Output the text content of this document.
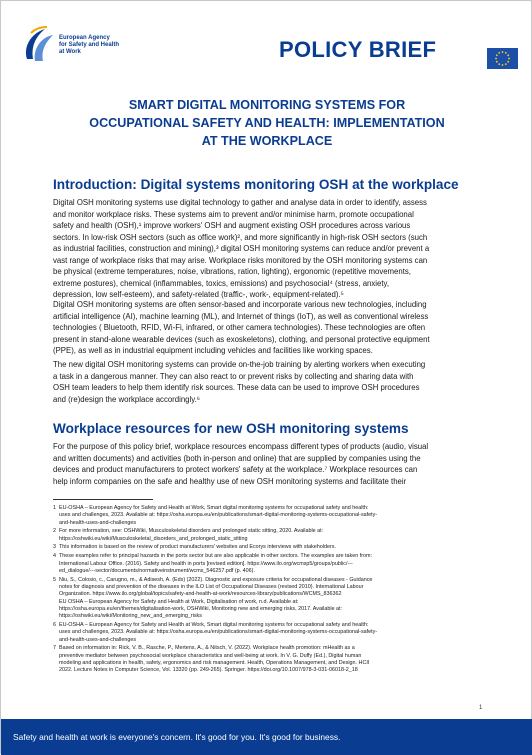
European Agency
for Safety and Health
at Work	POLICY BRIEF
SMART DIGITAL MONITORING SYSTEMS FOR
OCCUPATIONAL SAFETY AND HEALTH: IMPLEMENTATION
AT THE WORKPLACE
Introduction: Digital systems monitoring OSH at the workplace
Digital OSH monitoring systems use digital technology to gather and analyse data in order to identify, assess
and monitor workplace risks. These systems aim to prevent and/or minimise harm, promote occupational
safety and health (OSH),¹ improve workers' OSH and augment existing OSH procedures across various
sectors. In low-risk OSH sectors (such as office work)², and more significantly in high-risk OSH sectors (such
as industrial facilities, construction and mining),³ digital OSH monitoring systems can reduce and/or prevent a
vast range of workplace risks that may arise. Workplace risks monitored by the OSH monitoring systems can
be physical (extreme temperatures, noise, vibrations, ration, lighting), ergonomic (repetitive movements,
extreme postures), chemical (inflammables, toxics, emissions) and psychosocial⁴ (stress, anxiety,
depression, low self-esteem), and safety-related (traffic-, work-, equipment-related).⁵
Digital OSH monitoring systems are often sensor-based and incorporate various new technologies, including
artificial intelligence (AI), machine learning (ML), and Internet of things (IoT), as well as conventional wireless
technologies ( Bluetooth, RFID, Wi-Fi, infrared, or other camera technologies). These technologies are often
present in stand-alone wearable devices (such as exoskeletons), clothing, and personal protective equipment
(PPE), as well as in industrial equipment including vehicles and facilities like working spaces.
The new digital OSH monitoring systems can provide on-the-job training by alerting workers when executing
a task in a dangerous manner. They can also react to or prevent risks by collecting and sharing data with
OSH team leaders to help them identify risk sources. These data can be used to improve OSH procedures
and (re)design the workplace accordingly.⁶
Workplace resources for new OSH monitoring systems
For the purpose of this policy brief, workplace resources encompass different types of products (audio, visual
and written documents) and activities (both in-person and online) that are supplied by companies using the
devices and product manufacturers to protect workers' safety at the workplace.⁷ Workplace resources can
help inform companies on the safe and healthy use of new OSH monitoring systems and facilitate their
1 EU-OSHA – European Agency for Safety and Health at Work, Smart digital monitoring systems for occupational safety and health:
uses and challenges, 2023. Available at: https://osha.europa.eu/en/publications/smart-digital-monitoring-systems-occupational-safety-
and-health-uses-and-challenges
2 For more information, see: OSHWiki, Musculoskeletal disorders and prolonged static sitting, 2020. Available at:
https://oshwiki.eu/wiki/Musculoskeletal_disorders_and_prolonged_static_sitting
3 This information is based on the review of product manufacturers' websites and Ecorys interviews with stakeholders.
4 These examples refer to principal hazards in the ports sector but are also applicable in other sectors. The examples are taken from:
International Labour Office. (2016). Safety and health in ports [revised edition]. https://www.ilo.org/wcmsp5/groups/public/---
ed_dialogue/---sector/documents/normativeinstrument/wcms_546257.pdf (p. 406).
5 Niu, S., Colosio, c., Carugno, m., & Adisesh, A. (Eds) (2022). Diagnostic and exposure criteria for occupational diseases - Guidance
notes for diagnosis and prevention of the diseases in the ILO List of Occupational Diseases (revised 2010). International Labour
Organization. https://www.ilo.org/global/topics/safety-and-health-at-work/resources-library/publications/WCMS_836362
EU OSHA – European Agency for Safety and Health at Work, Digitalisation of work, n.d. Available at:
https://osha.europa.eu/en/themes/digitalisation-work, OSHWiki, Monitoring new and emerging risks, 2017. Available at:
https://oshwiki.eu/wiki/Monitoring_new_and_emerging_risks
6 EU-OSHA – European Agency for Safety and Health at Work, Smart digital monitoring systems for occupational safety and health:
uses and challenges, 2023. Available at: https://osha.europa.eu/en/publications/smart-digital-monitoring-systems-occupational-safety-
and-health-uses-and-challenges
7 Based on information in: Rick, V. B., Rasche, P., Mertens, A., & Nitsch, V. (2022). Workplace health promotion: mHealth as a
preventive mediator between psychosocial workplace characteristics and well-being at work. In V. G. Duffy (Ed.), Digital human
modeling and applications in health, safety, ergonomics and risk management. Health, Operations Management, and Design. HCII
2022. Lecture Notes in Computer Science, Vol. 13320 (pp. 249-265). Springer. https://doi.org/10.1007/978-3-031-06018-2_18
1
Safety and health at work is everyone's concern. It's good for you. It's good for business.
